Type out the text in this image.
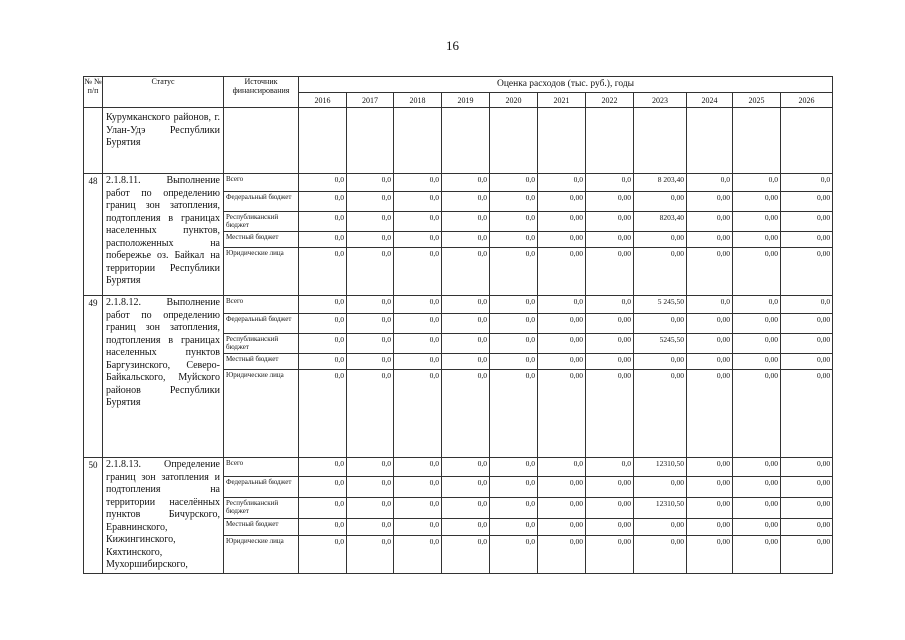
16
№ № п/п	Статус	Источник финансирования	Оценка расходов (тыс. руб.), годы										
			2016	2017	2018	2019	2020	2021	2022	2023	2024	2025	2026
	Курумканского районов, г. Улан-Удэ Республики Бурятия												
48	2.1.8.11. Выполнение работ по определению границ зон затопления, подтопления в границах населенных пунктов, расположенных на побережье оз. Байкал на территории Республики Бурятия	Всего	0,0	0,0	0,0	0,0	0,0	0,0	0,0	8 203,40	0,0	0,0	0,0
		Федеральный бюджет	0,0	0,0	0,0	0,0	0,0	0,00	0,00	0,00	0,00	0,00	0,00
		Республиканский бюджет	0,0	0,0	0,0	0,0	0,0	0,00	0,00	8203,40	0,00	0,00	0,00
		Местный бюджет	0,0	0,0	0,0	0,0	0,0	0,00	0,00	0,00	0,00	0,00	0,00
		Юридические лица	0,0	0,0	0,0	0,0	0,0	0,00	0,00	0,00	0,00	0,00	0,00
49	2.1.8.12. Выполнение работ по определению границ зон затопления, подтопления в границах населенных пунктов Баргузинского, Северо-Байкальского, Муйского районов Республики Бурятия	Всего	0,0	0,0	0,0	0,0	0,0	0,0	0,0	5 245,50	0,0	0,0	0,0
		Федеральный бюджет	0,0	0,0	0,0	0,0	0,0	0,00	0,00	0,00	0,00	0,00	0,00
		Республиканский бюджет	0,0	0,0	0,0	0,0	0,0	0,00	0,00	5245,50	0,00	0,00	0,00
		Местный бюджет	0,0	0,0	0,0	0,0	0,0	0,00	0,00	0,00	0,00	0,00	0,00
		Юридические лица	0,0	0,0	0,0	0,0	0,0	0,00	0,00	0,00	0,00	0,00	0,00
50	2.1.8.13. Определение границ зон затопления и подтопления на территории населённых пунктов Бичурского, Еравнинского, Кижингинского, Кяхтинского, Мухоршибирского,	Всего	0,0	0,0	0,0	0,0	0,0	0,0	0,0	12310,50	0,00	0,00	0,00
		Федеральный бюджет	0,0	0,0	0,0	0,0	0,0	0,00	0,00	0,00	0,00	0,00	0,00
		Республиканский бюджет	0,0	0,0	0,0	0,0	0,0	0,00	0,00	12310,50	0,00	0,00	0,00
		Местный бюджет	0,0	0,0	0,0	0,0	0,0	0,00	0,00	0,00	0,00	0,00	0,00
		Юридические лица	0,0	0,0	0,0	0,0	0,0	0,00	0,00	0,00	0,00	0,00	0,00
